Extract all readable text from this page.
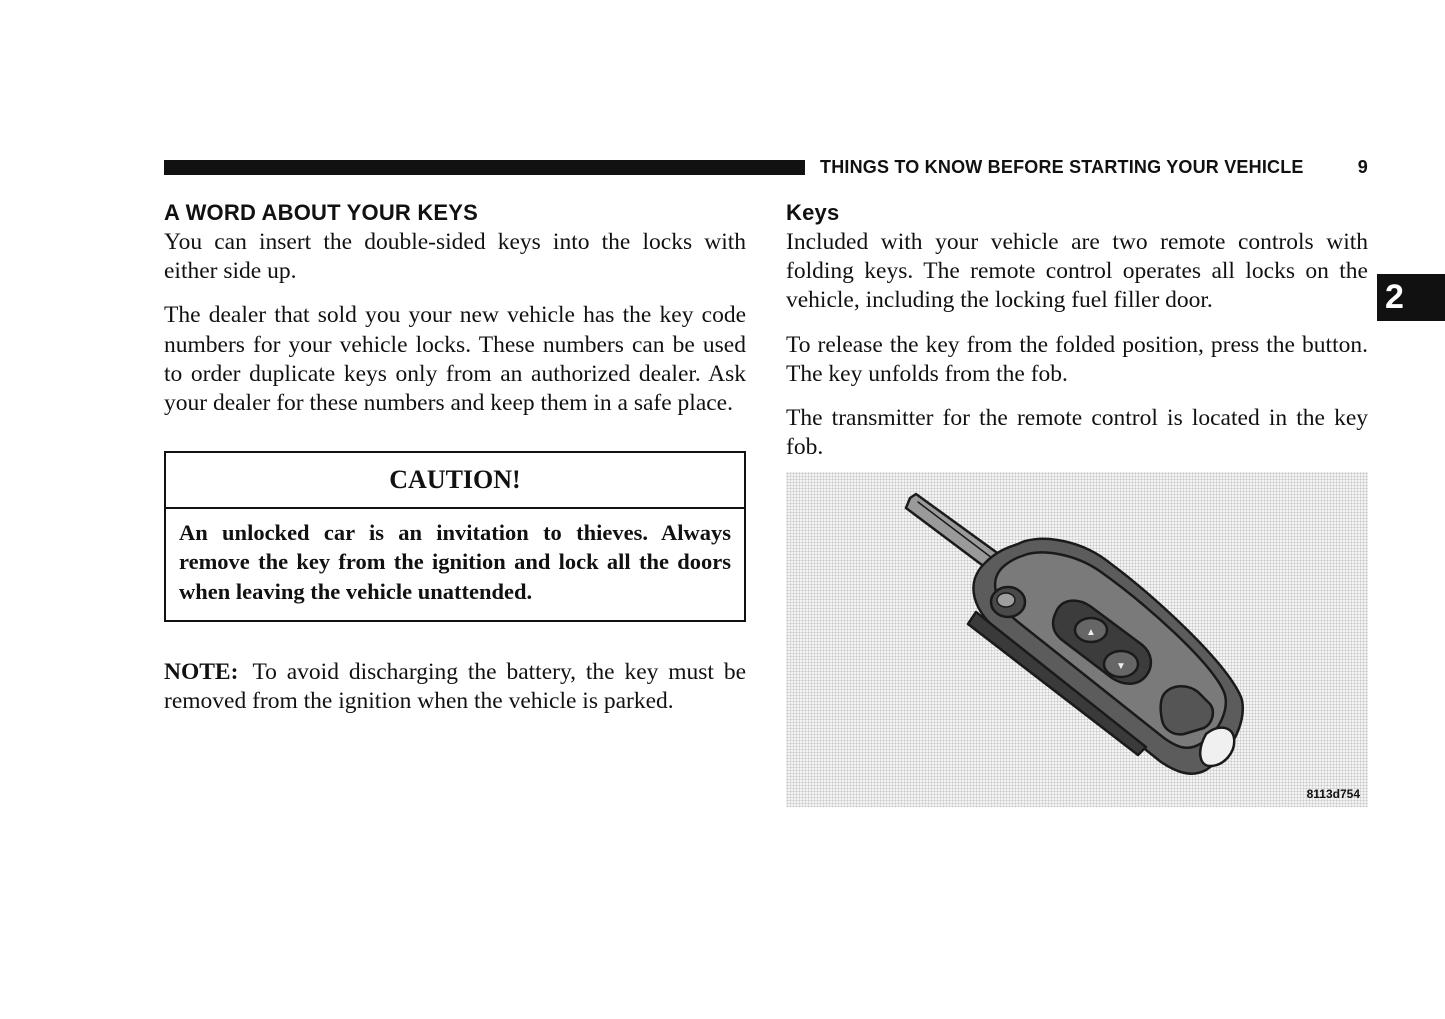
THINGS TO KNOW BEFORE STARTING YOUR VEHICLE	9
2
A WORD ABOUT YOUR KEYS

You can insert the double-sided keys into the locks with either side up.

The dealer that sold you your new vehicle has the key code numbers for your vehicle locks. These numbers can be used to order duplicate keys only from an authorized dealer. Ask your dealer for these numbers and keep them in a safe place.

CAUTION!
An unlocked car is an invitation to thieves. Always remove the key from the ignition and lock all the doors when leaving the vehicle unattended.

NOTE: To avoid discharging the battery, the key must be removed from the ignition when the vehicle is parked.

Keys

Included with your vehicle are two remote controls with folding keys. The remote control operates all locks on the vehicle, including the locking fuel filler door.

To release the key from the folded position, press the button. The key unfolds from the fob.

The transmitter for the remote control is located in the key fob.

▲
▼
8113d754
